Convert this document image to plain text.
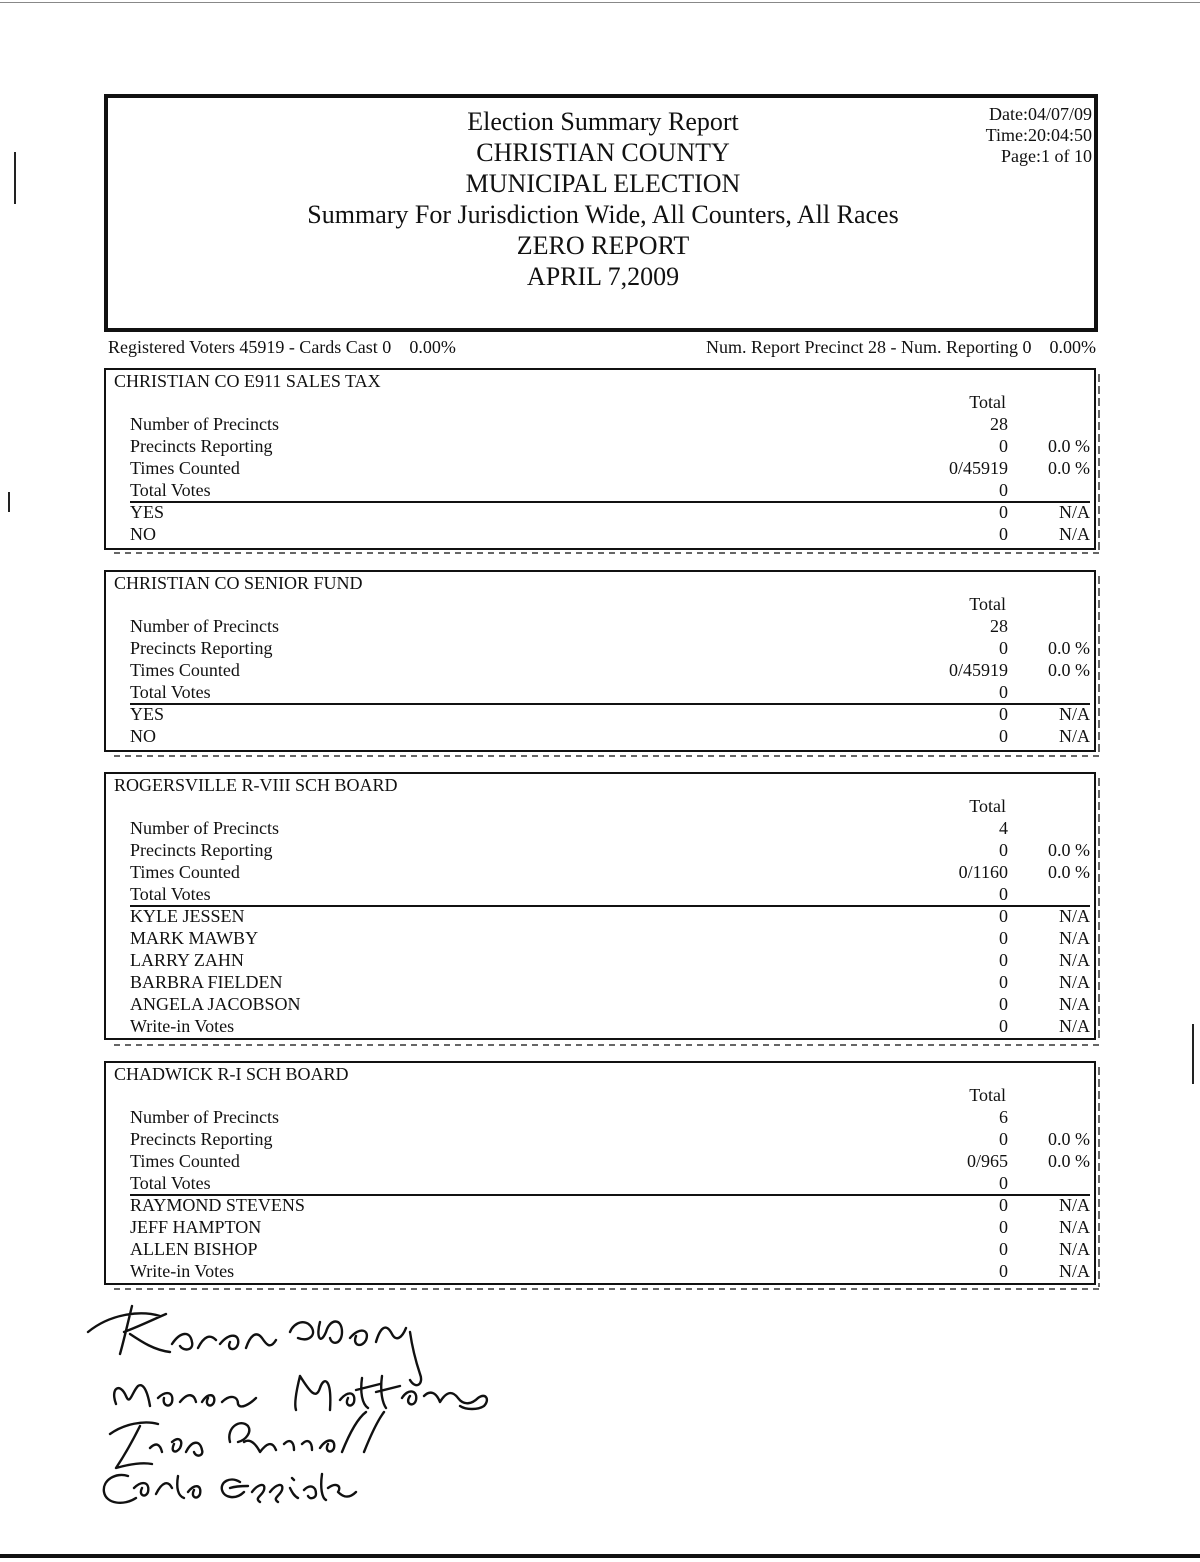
Election Summary Report
CHRISTIAN COUNTY
MUNICIPAL ELECTION
Summary For Jurisdiction Wide, All Counters, All Races
ZERO REPORT
APRIL 7,2009
Date:04/07/09
Time:20:04:50
Page:1 of 10
Registered Voters 45919 - Cards Cast 0 0.00%	Num. Report Precinct 28 - Num. Reporting 0 0.00%
CHRISTIAN CO E911 SALES TAX
Total
Number of Precincts	28
Precincts Reporting	0 0.0 %
Times Counted	0/45919 0.0 %
Total Votes	0
YES	0	N/A
NO	0	N/A
CHRISTIAN CO SENIOR FUND
Total
Number of Precincts	28
Precincts Reporting	0 0.0 %
Times Counted	0/45919 0.0 %
Total Votes	0
YES	0	N/A
NO	0	N/A
ROGERSVILLE R-VIII SCH BOARD
Total
Number of Precincts	4
Precincts Reporting	0 0.0 %
Times Counted	0/1160 0.0 %
Total Votes	0
KYLE JESSEN	0	N/A
MARK MAWBY	0	N/A
LARRY ZAHN	0	N/A
BARBRA FIELDEN	0	N/A
ANGELA JACOBSON	0	N/A
Write-in Votes	0	N/A
CHADWICK R-I SCH BOARD
Total
Number of Precincts	6
Precincts Reporting	0 0.0 %
Times Counted	0/965 0.0 %
Total Votes	0
RAYMOND STEVENS	0	N/A
JEFF HAMPTON	0	N/A
ALLEN BISHOP	0	N/A
Write-in Votes	0	N/A
